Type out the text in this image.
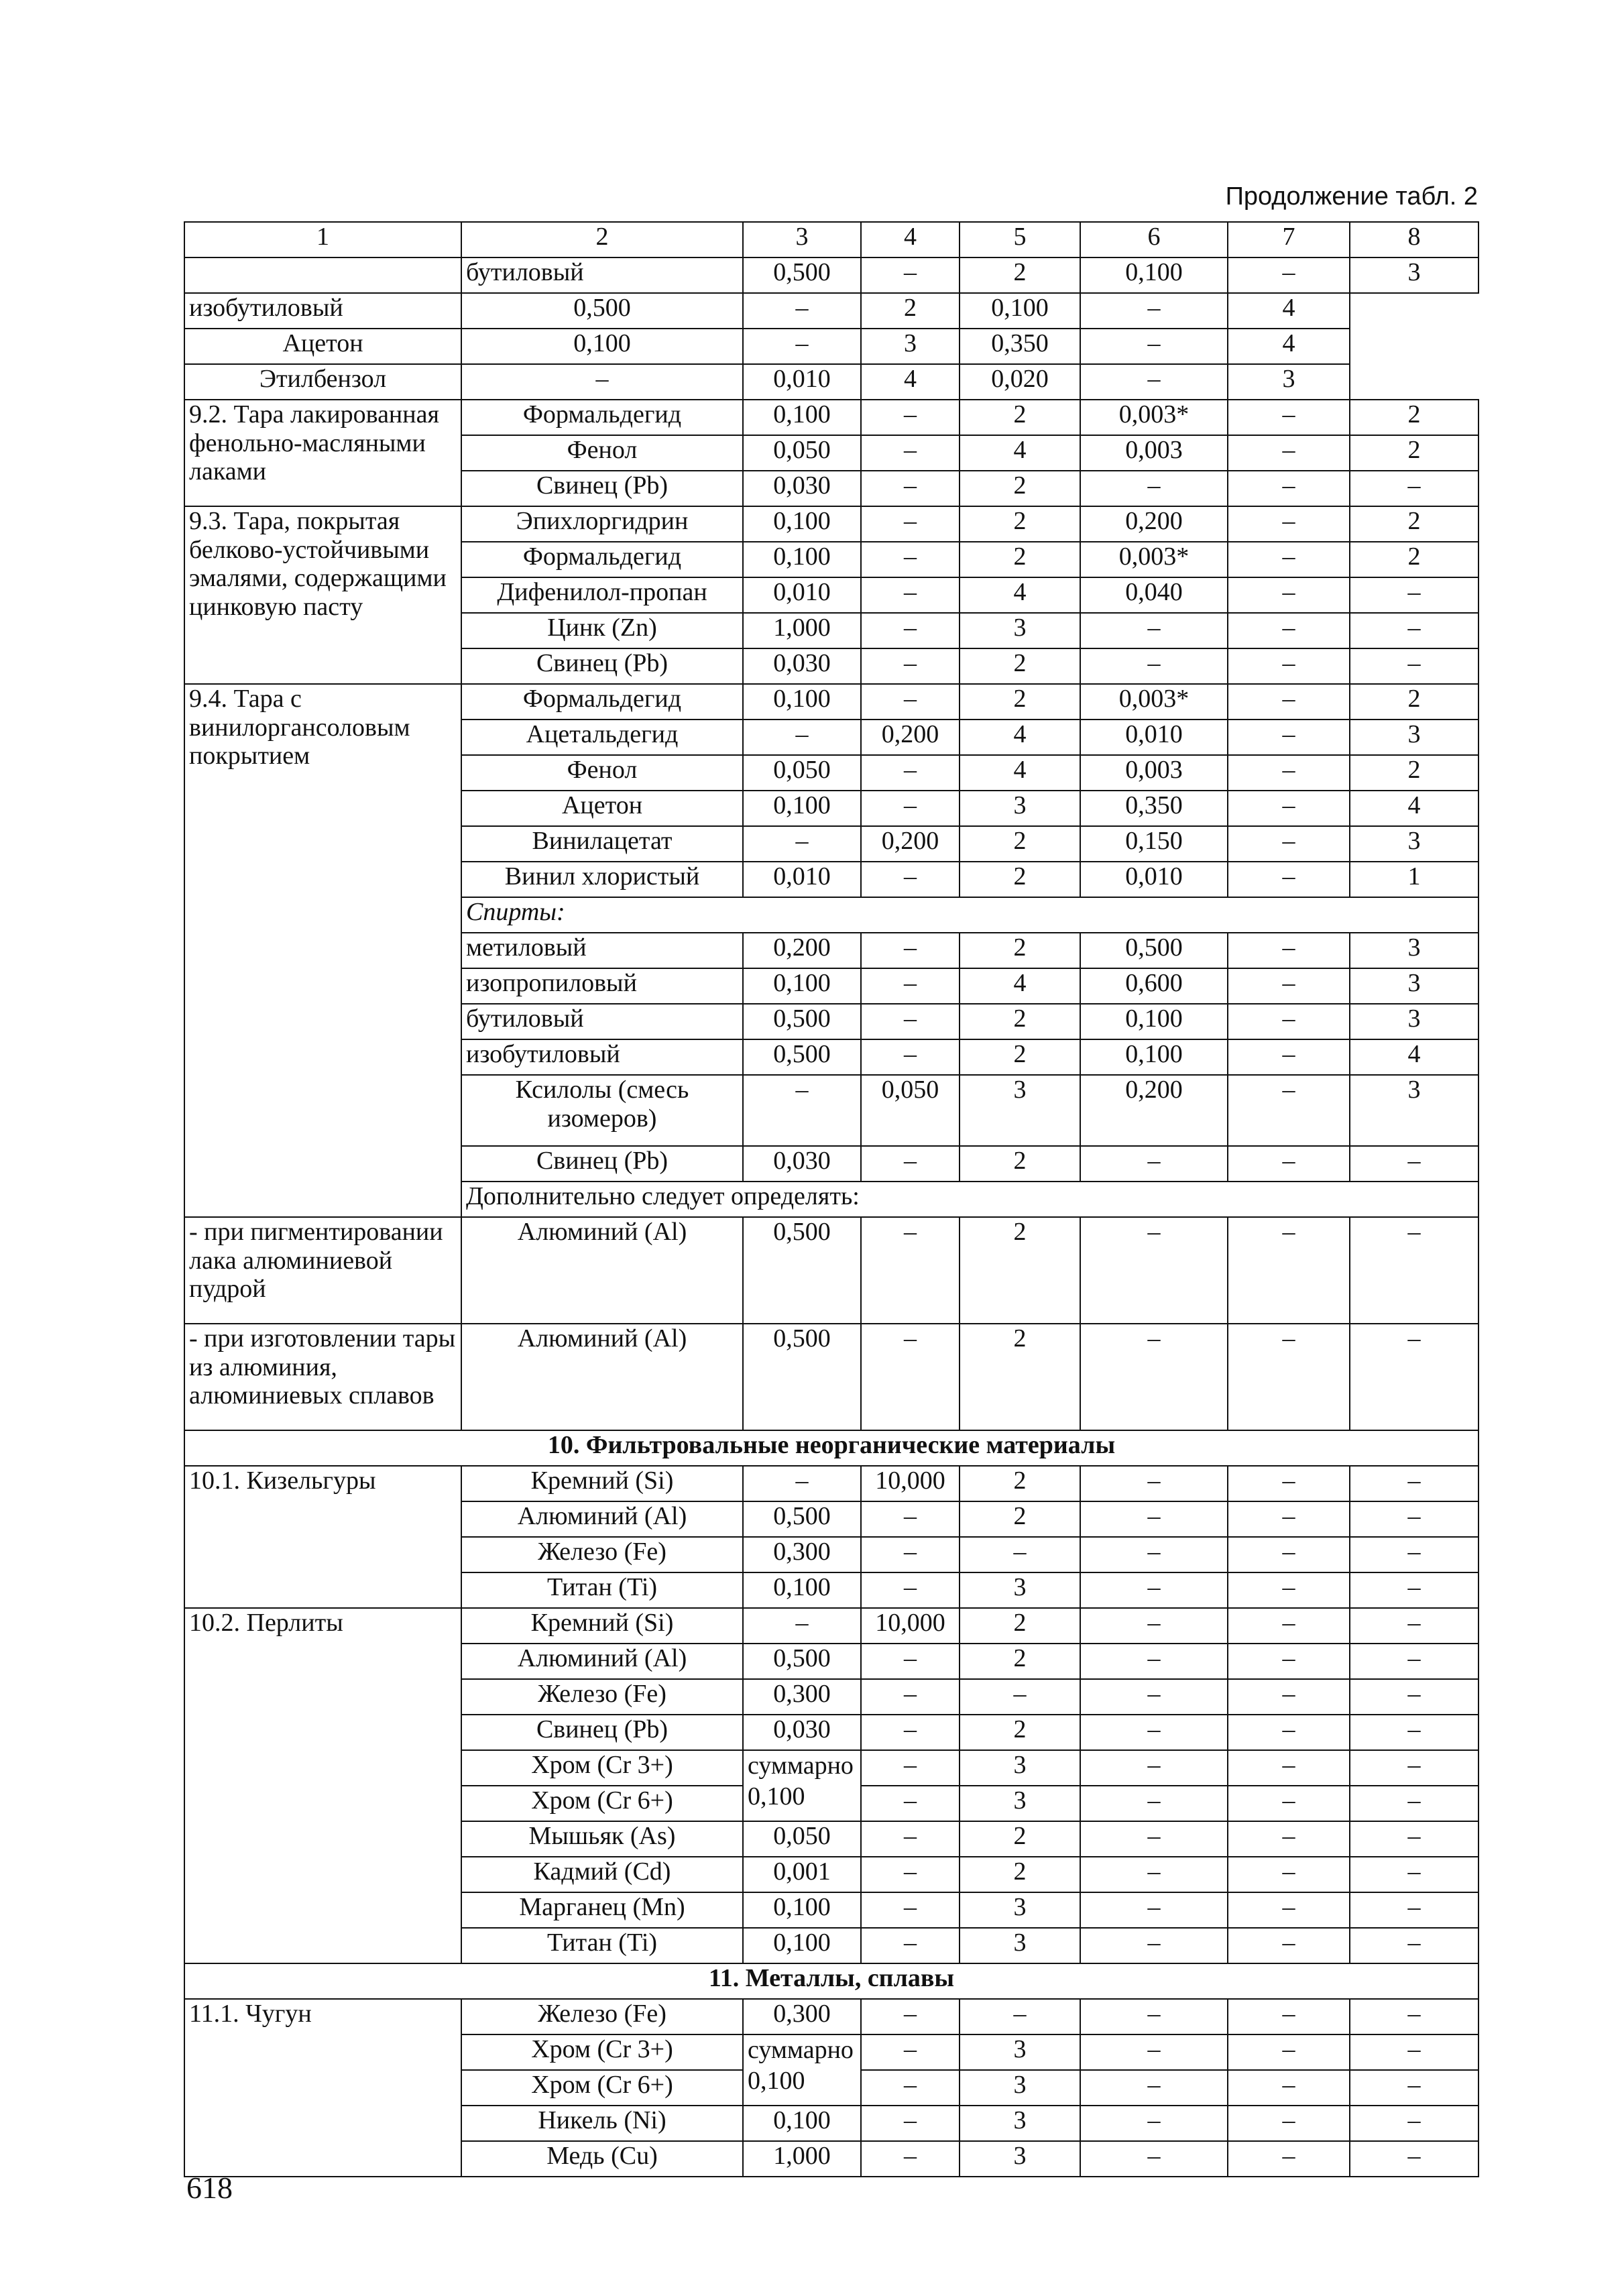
Продолжение табл. 2
1	2	3	4	5	6	7	8
	бутиловый	0,500	–	2	0,100	–	3
изобутиловый	0,500	–	2	0,100	–	4	
Ацетон	0,100	–	3	0,350	–	4	
Этилбензол	–	0,010	4	0,020	–	3	
9.2. Тара лакированная фенольно-масляными лаками	Формальдегид	0,100	–	2	0,003*	–	2
	Фенол	0,050	–	4	0,003	–	2
	Свинец (Pb)	0,030	–	2	–	–	–
9.3. Тара, покрытая белково-устойчивыми эмалями, содержащими цинковую пасту	Эпихлоргидрин	0,100	–	2	0,200	–	2
	Формальдегид	0,100	–	2	0,003*	–	2
	Дифенилол-пропан	0,010	–	4	0,040	–	–
	Цинк (Zn)	1,000	–	3	–	–	–
	Свинец (Pb)	0,030	–	2	–	–	–
9.4. Тара с винилоргансоловым покрытием	Формальдегид	0,100	–	2	0,003*	–	2
	Ацетальдегид	–	0,200	4	0,010	–	3
	Фенол	0,050	–	4	0,003	–	2
	Ацетон	0,100	–	3	0,350	–	4
	Винилацетат	–	0,200	2	0,150	–	3
	Винил хлористый	0,010	–	2	0,010	–	1
	Спирты:						
	метиловый	0,200	–	2	0,500	–	3
	изопропиловый	0,100	–	4	0,600	–	3
	бутиловый	0,500	–	2	0,100	–	3
	изобутиловый	0,500	–	2	0,100	–	4
	Ксилолы (смесь изомеров)	–	0,050	3	0,200	–	3
	Свинец (Pb)	0,030	–	2	–	–	–
	Дополнительно следует определять:						
- при пигментировании лака алюминиевой пудрой	Алюминий (Al)	0,500	–	2	–	–	–
- при изготовлении тары из алюминия, алюминиевых сплавов	Алюминий (Al)	0,500	–	2	–	–	–
10. Фильтровальные неорганические материалы							
10.1. Кизельгуры	Кремний (Si)	–	10,000	2	–	–	–
	Алюминий (Al)	0,500	–	2	–	–	–
	Железо (Fe)	0,300	–	–	–	–	–
	Титан (Ti)	0,100	–	3	–	–	–
10.2. Перлиты	Кремний (Si)	–	10,000	2	–	–	–
	Алюминий (Al)	0,500	–	2	–	–	–
	Железо (Fe)	0,300	–	–	–	–	–
	Свинец (Pb)	0,030	–	2	–	–	–
	Хром (Cr 3+)	суммарно 0,100	–	3	–	–	–
	Хром (Cr 6+)		–	3	–	–	–
	Мышьяк (As)	0,050	–	2	–	–	–
	Кадмий (Cd)	0,001	–	2	–	–	–
	Марганец (Mn)	0,100	–	3	–	–	–
	Титан (Ti)	0,100	–	3	–	–	–
11. Металлы, сплавы							
11.1. Чугун	Железо (Fe)	0,300	–	–	–	–	–
	Хром (Cr 3+)	суммарно 0,100	–	3	–	–	–
	Хром (Cr 6+)		–	3	–	–	–
	Никель (Ni)	0,100	–	3	–	–	–
	Медь (Cu)	1,000	–	3	–	–	–
618
